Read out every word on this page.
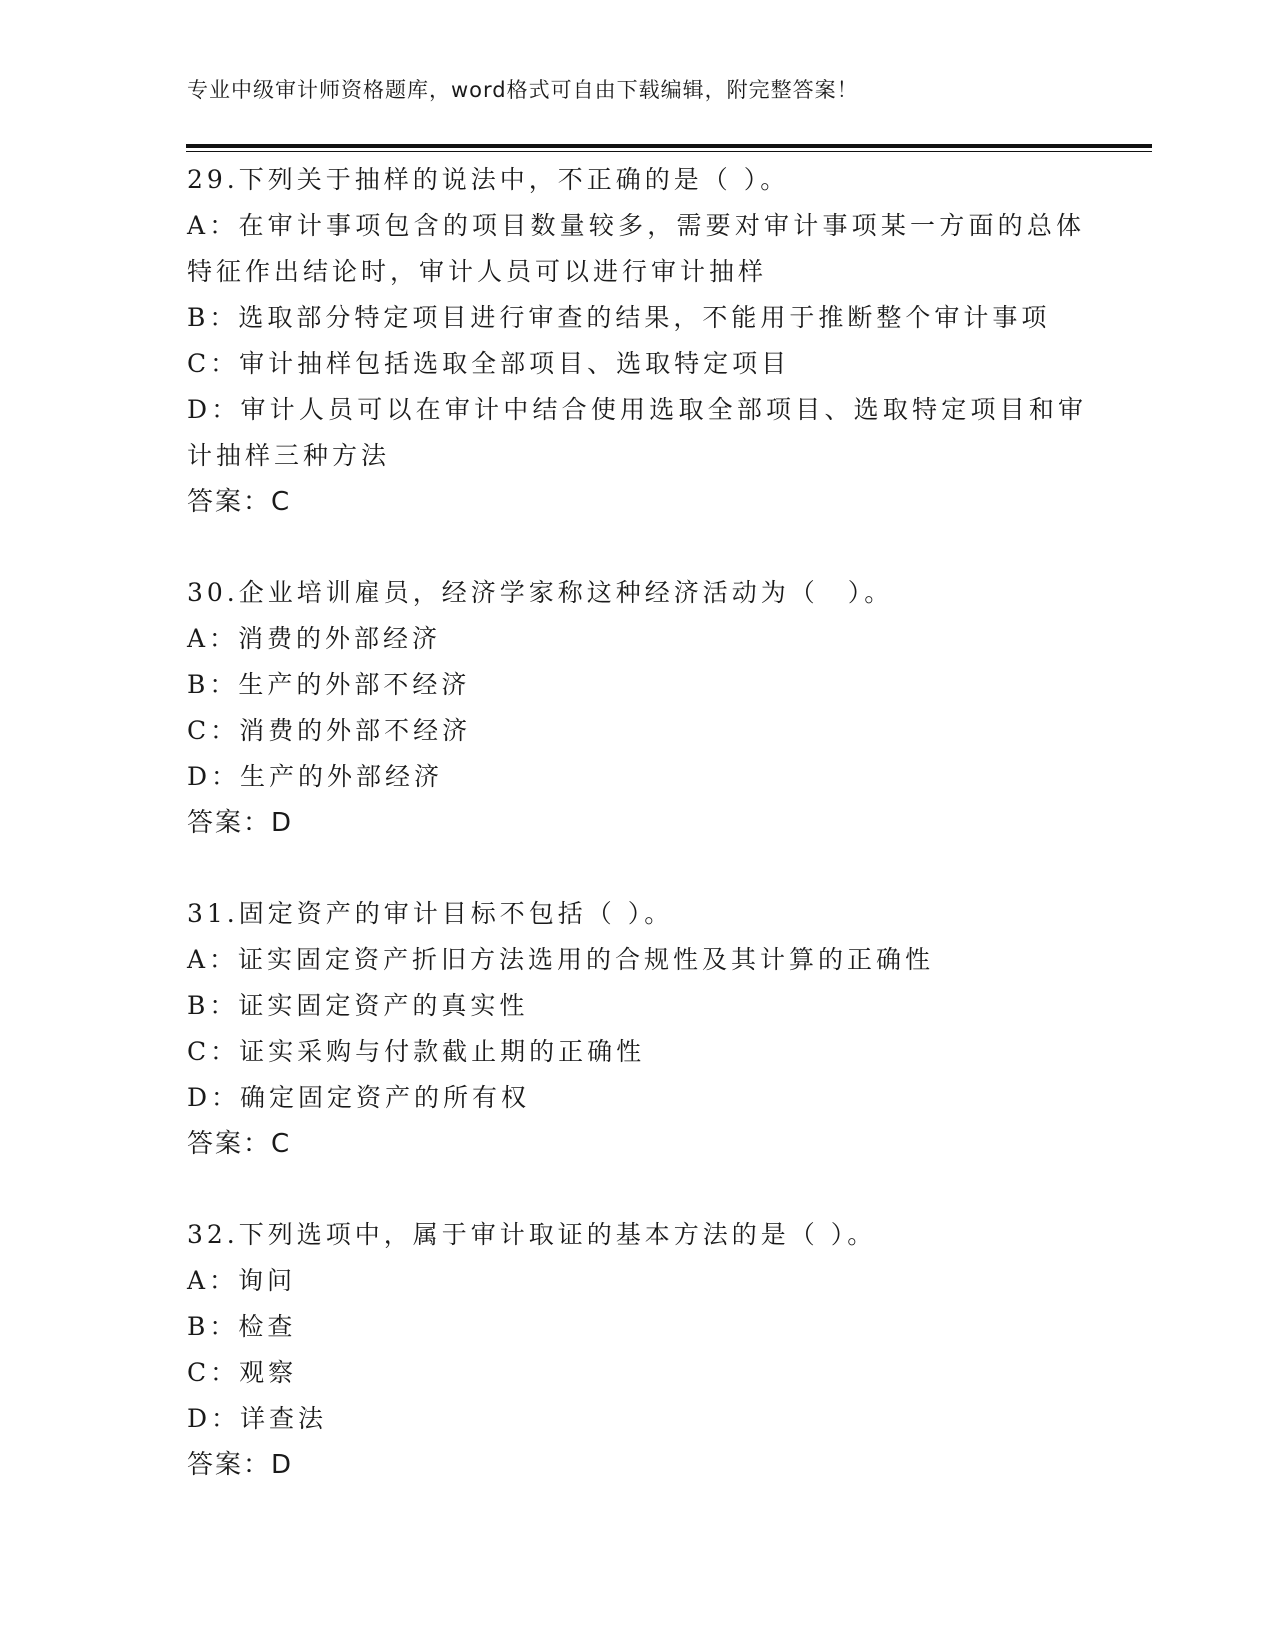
专业中级审计师资格题库，word格式可自由下载编辑，附完整答案！
29.下列关于抽样的说法中，不正确的是（ ）。
A：在审计事项包含的项目数量较多，需要对审计事项某一方面的总体
特征作出结论时，审计人员可以进行审计抽样
B：选取部分特定项目进行审查的结果，不能用于推断整个审计事项
C：审计抽样包括选取全部项目、选取特定项目
D：审计人员可以在审计中结合使用选取全部项目、选取特定项目和审
计抽样三种方法
答案：C
30.企业培训雇员，经济学家称这种经济活动为（　）。
A：消费的外部经济
B：生产的外部不经济
C：消费的外部不经济
D：生产的外部经济
答案：D
31.固定资产的审计目标不包括（ ）。
A：证实固定资产折旧方法选用的合规性及其计算的正确性
B：证实固定资产的真实性
C：证实采购与付款截止期的正确性
D：确定固定资产的所有权
答案：C
32.下列选项中，属于审计取证的基本方法的是（ ）。
A：询问
B：检查
C：观察
D：详查法
答案：D
